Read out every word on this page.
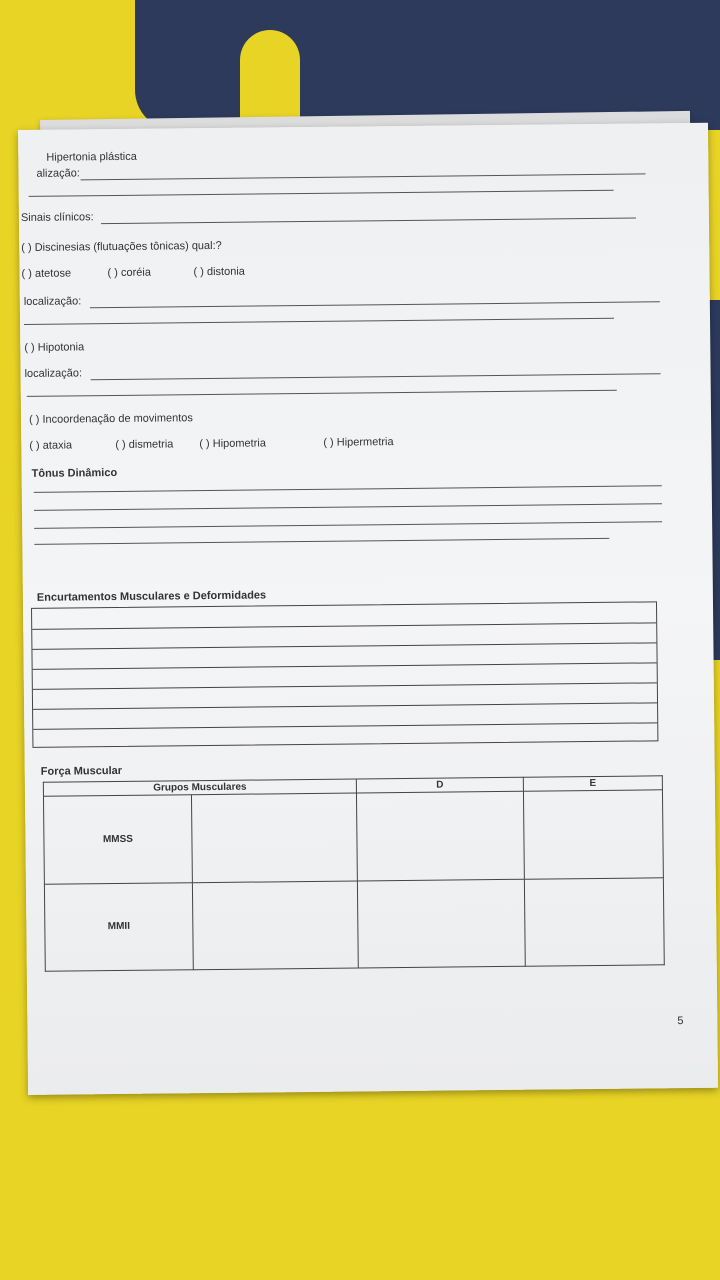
Hipertonia plástica
alização:
Sinais clínicos:
( ) Discinesias (flutuações tônicas) qual:?
( ) atetose	( ) coréia	( ) distonia
localização:
( ) Hipotonia
localização:
( ) Incoordenação de movimentos
( ) ataxia	( ) dismetria ( ) Hipometria	( ) Hipermetria
Tônus Dinâmico
Encurtamentos Musculares e Deformidades
Força Muscular
Grupos Musculares		D	E
MMSS			
MMII			
5
